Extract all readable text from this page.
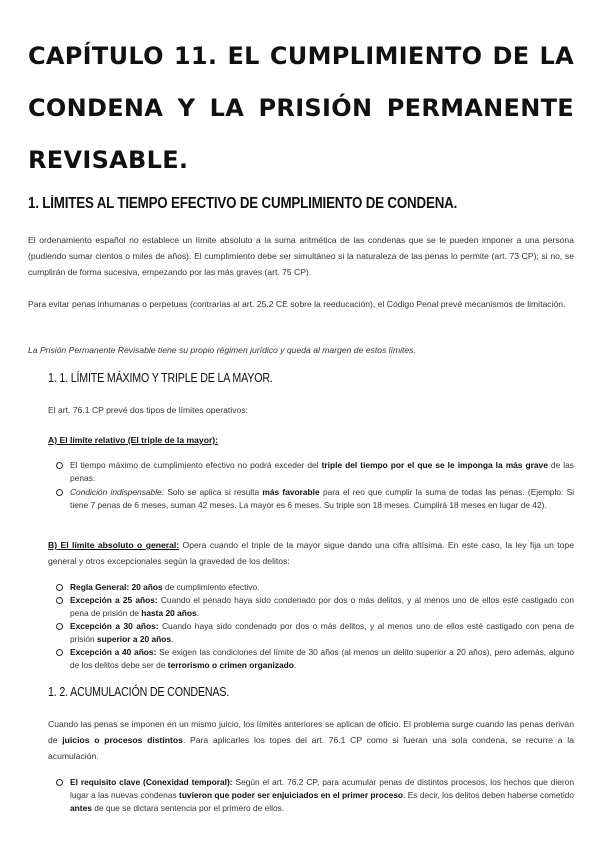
CAPÍTULO 11. EL CUMPLIMIENTO DE LA CONDENA Y LA PRISIÓN PERMANENTE REVISABLE.
1. LÍMITES AL TIEMPO EFECTIVO DE CUMPLIMIENTO DE CONDENA.
El ordenamiento español no establece un límite absoluto a la suma aritmética de las condenas que se le pueden imponer a una persona (pudiendo sumar cientos o miles de años). El cumplimiento debe ser simultáneo si la naturaleza de las penas lo permite (art. 73 CP); si no, se cumplirán de forma sucesiva, empezando por las más graves (art. 75 CP).
Para evitar penas inhumanas o perpetuas (contrarias al art. 25.2 CE sobre la reeducación), el Código Penal prevé mecanismos de limitación.
La Prisión Permanente Revisable tiene su propio régimen jurídico y queda al margen de estos límites.
1. 1. LÍMITE MÁXIMO Y TRIPLE DE LA MAYOR.
El art. 76.1 CP prevé dos tipos de límites operativos:
A) El límite relativo (El triple de la mayor):
El tiempo máximo de cumplimiento efectivo no podrá exceder del triple del tiempo por el que se le imponga la más grave de las penas.
Condición indispensable: Solo se aplica si resulta más favorable para el reo que cumplir la suma de todas las penas. (Ejemplo: Si tiene 7 penas de 6 meses, suman 42 meses. La mayor es 6 meses. Su triple son 18 meses. Cumplirá 18 meses en lugar de 42).
B) El límite absoluto o general: Opera cuando el triple de la mayor sigue dando una cifra altísima. En este caso, la ley fija un tope general y otros excepcionales según la gravedad de los delitos:
Regla General: 20 años de cumplimiento efectivo.
Excepción a 25 años: Cuando el penado haya sido condenado por dos o más delitos, y al menos uno de ellos esté castigado con pena de prisión de hasta 20 años.
Excepción a 30 años: Cuando haya sido condenado por dos o más delitos, y al menos uno de ellos esté castigado con pena de prisión superior a 20 años.
Excepción a 40 años: Se exigen las condiciones del límite de 30 años (al menos un delito superior a 20 años), pero además, alguno de los delitos debe ser de terrorismo o crimen organizado.
1. 2. ACUMULACIÓN DE CONDENAS.
Cuando las penas se imponen en un mismo juicio, los límites anteriores se aplican de oficio. El problema surge cuando las penas derivan de juicios o procesos distintos. Para aplicarles los topes del art. 76.1 CP como si fueran una sola condena, se recurre a la acumulación.
El requisito clave (Conexidad temporal): Según el art. 76.2 CP, para acumular penas de distintos procesos, los hechos que dieron lugar a las nuevas condenas tuvieron que poder ser enjuiciados en el primer proceso. Es decir, los delitos deben haberse cometido antes de que se dictara sentencia por el primero de ellos.
